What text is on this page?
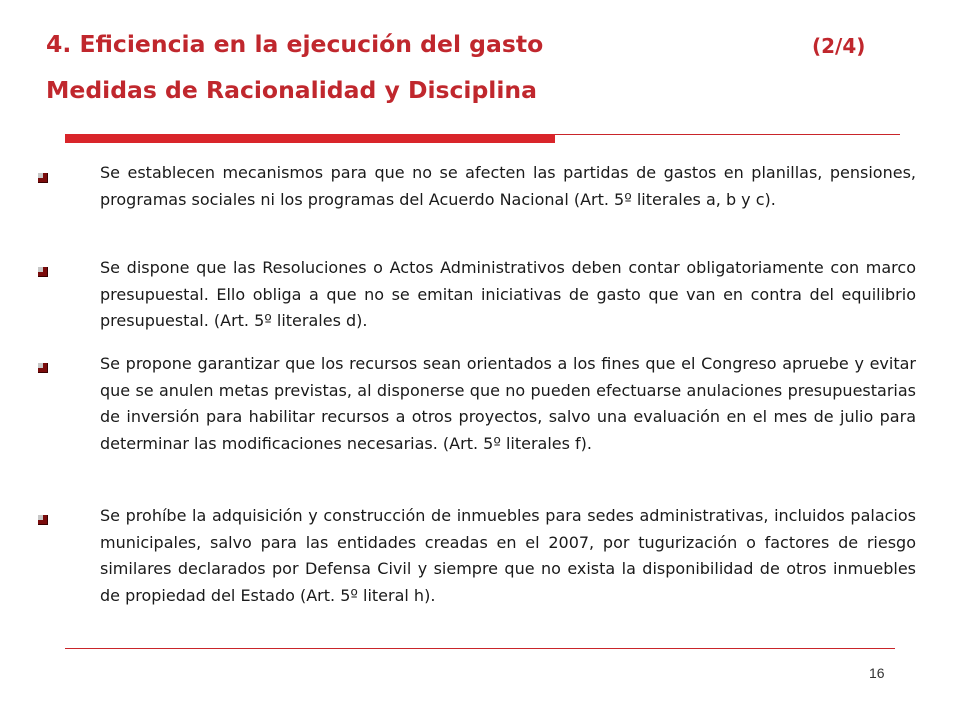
4. Eficiencia en la ejecución del gasto	(2/4)
Medidas de Racionalidad y Disciplina
Se establecen mecanismos para que no se afecten las partidas de gastos en planillas, pensiones, programas sociales ni los programas del Acuerdo Nacional (Art. 5º literales a, b y c).
Se dispone que las Resoluciones o Actos Administrativos deben contar obligatoriamente con marco presupuestal. Ello obliga a que no se emitan iniciativas de gasto que van en contra del equilibrio presupuestal. (Art. 5º literales d).
Se propone garantizar que los recursos sean orientados a los fines que el Congreso apruebe y evitar que se anulen metas previstas, al disponerse que no pueden efectuarse anulaciones presupuestarias de inversión para habilitar recursos a otros proyectos, salvo una evaluación en el mes de julio para determinar las modificaciones necesarias. (Art. 5º literales f).
Se prohíbe la adquisición y construcción de inmuebles para sedes administrativas, incluidos palacios municipales, salvo para las entidades creadas en el 2007, por tugurización o factores de riesgo similares declarados por Defensa Civil y siempre que no exista la disponibilidad de otros inmuebles de propiedad del Estado (Art. 5º literal h).
16
